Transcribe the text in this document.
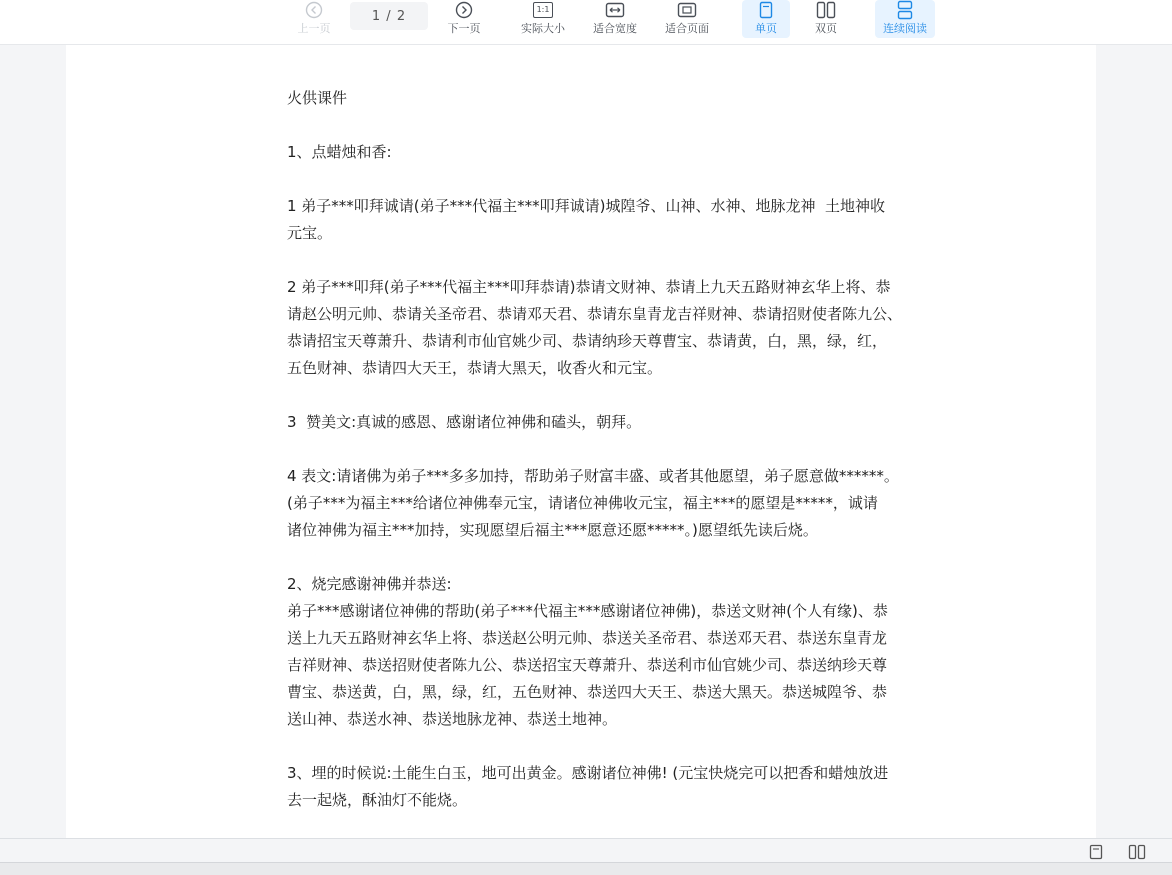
上一页
1 / 2
下一页
1:1
实际大小	适合宽度	适合页面	单页	双页	连续阅读

火供课件

1、点蜡烛和香:

1 弟子***叩拜诚请(弟子***代福主***叩拜诚请)城隍爷、山神、水神、地脉龙神  土地神收
元宝。

2 弟子***叩拜(弟子***代福主***叩拜恭请)恭请文财神、恭请上九天五路财神玄华上将、恭
请赵公明元帅、恭请关圣帝君、恭请邓天君、恭请东皇青龙吉祥财神、恭请招财使者陈九公、
恭请招宝天尊萧升、恭请利市仙官姚少司、恭请纳珍天尊曹宝、恭请黄，白，黑，绿，红，
五色财神、恭请四大天王，恭请大黑天，收香火和元宝。

3  赞美文:真诚的感恩、感谢诸位神佛和磕头，朝拜。

4 表文:请诸佛为弟子***多多加持，帮助弟子财富丰盛、或者其他愿望，弟子愿意做******。
(弟子***为福主***给诸位神佛奉元宝，请诸位神佛收元宝，福主***的愿望是*****，诚请
诸位神佛为福主***加持，实现愿望后福主***愿意还愿*****。)愿望纸先读后烧。

2、烧完感谢神佛并恭送:
弟子***感谢诸位神佛的帮助(弟子***代福主***感谢诸位神佛)，恭送文财神(个人有缘)、恭
送上九天五路财神玄华上将、恭送赵公明元帅、恭送关圣帝君、恭送邓天君、恭送东皇青龙
吉祥财神、恭送招财使者陈九公、恭送招宝天尊萧升、恭送利市仙官姚少司、恭送纳珍天尊
曹宝、恭送黄，白，黑，绿，红，五色财神、恭送四大天王、恭送大黑天。恭送城隍爷、恭
送山神、恭送水神、恭送地脉龙神、恭送土地神。

3、埋的时候说:土能生白玉，地可出黄金。感谢诸位神佛! (元宝快烧完可以把香和蜡烛放进
去一起烧，酥油灯不能烧。
